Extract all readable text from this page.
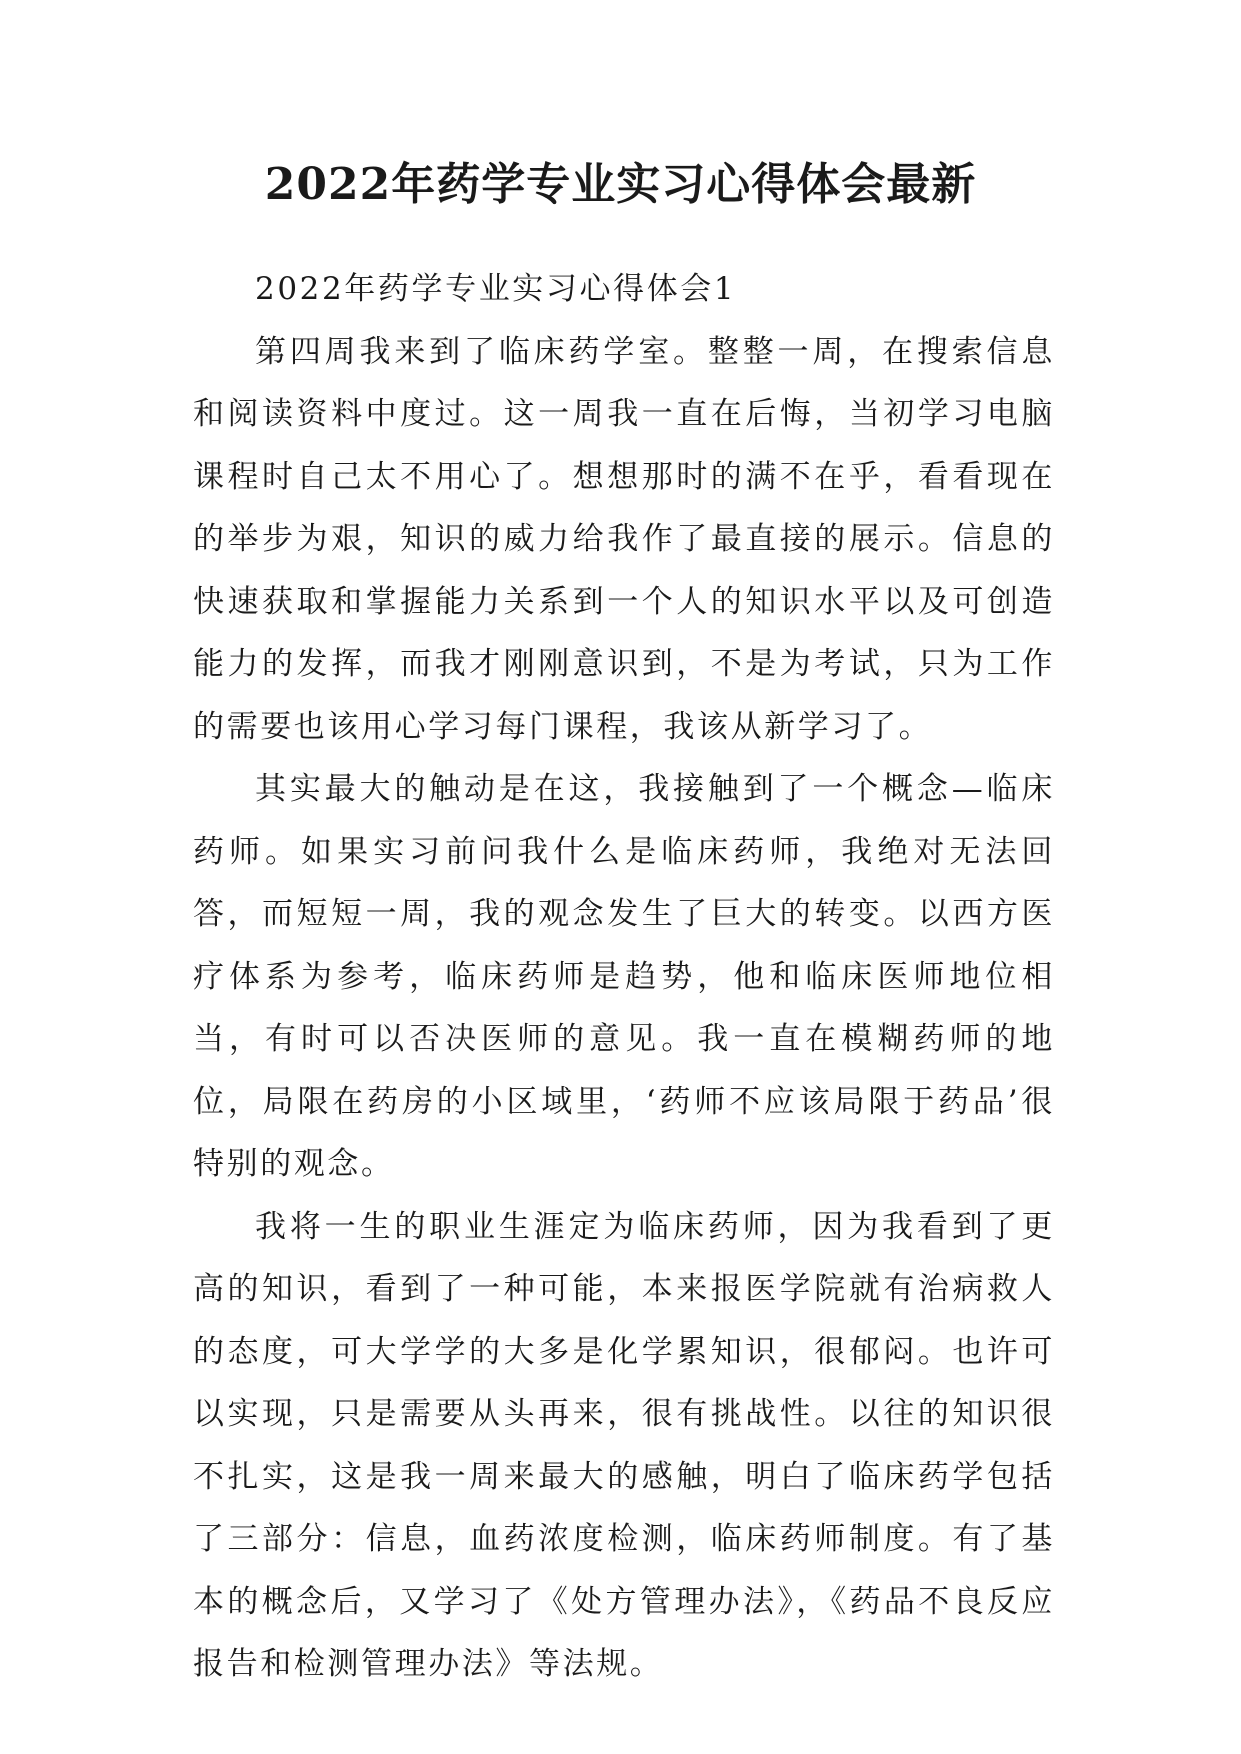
2022年药学专业实习心得体会最新

2022年药学专业实习心得体会1

第四周我来到了临床药学室。整整一周，在搜索信息和阅读资料中度过。这一周我一直在后悔，当初学习电脑课程时自己太不用心了。想想那时的满不在乎，看看现在的举步为艰，知识的威力给我作了最直接的展示。信息的快速获取和掌握能力关系到一个人的知识水平以及可创造能力的发挥，而我才刚刚意识到，不是为考试，只为工作的需要也该用心学习每门课程，我该从新学习了。

其实最大的触动是在这，我接触到了一个概念—临床药师。如果实习前问我什么是临床药师，我绝对无法回答，而短短一周，我的观念发生了巨大的转变。以西方医疗体系为参考，临床药师是趋势，他和临床医师地位相当，有时可以否决医师的意见。我一直在模糊药师的地位，局限在药房的小区域里，‘药师不应该局限于药品’很特别的观念。

我将一生的职业生涯定为临床药师，因为我看到了更高的知识，看到了一种可能，本来报医学院就有治病救人的态度，可大学学的大多是化学累知识，很郁闷。也许可以实现，只是需要从头再来，很有挑战性。以往的知识很不扎实，这是我一周来最大的感触，明白了临床药学包括了三部分：信息，血药浓度检测，临床药师制度。有了基本的概念后，又学习了《处方管理办法》，《药品不良反应报告和检测管理办法》等法规。
